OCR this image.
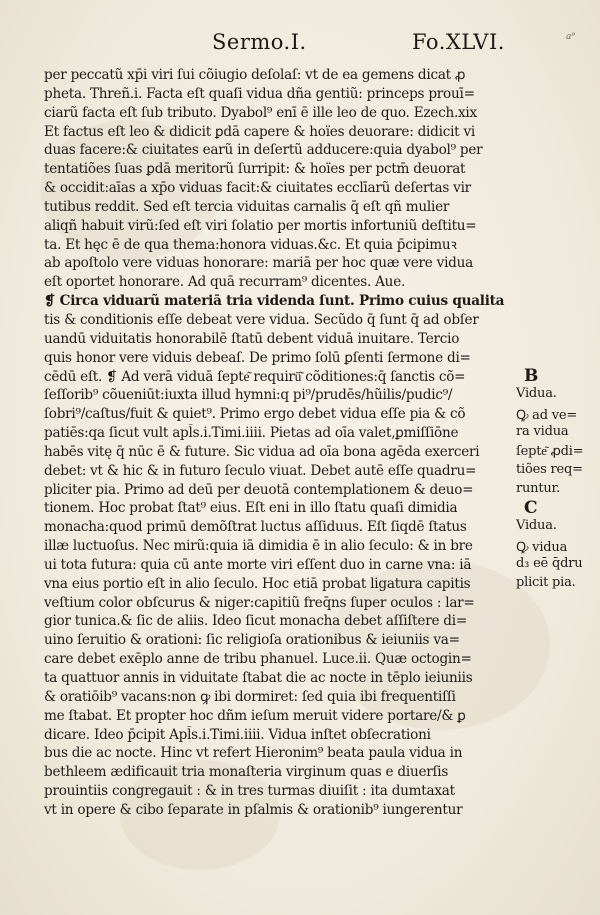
Sermo.I.	Fo.XLVI.	a⁹
per peccatũ xp̄i viri ſui cõiugio deſolaſ: vt de ea gemens dicat ꝓ
pheta. Threñ.i. Facta eſt quaſi vidua dña gentiũ: princeps prouī=
ciarũ facta eſt ſub tributo. Dyabol⁹ enī ē ille leo de quo. Ezech.xix
Et factus eſt leo & didicit ꝑdā capere & hoïes deuorare: didicit vi
duas facere:& ciuitates earũ in deſertũ adducere:quia dyabol⁹ per
tentatiões ſuas ꝑdā meritorũ ſurripit: & hoïes per pctm̄ deuorat
& occidit:aīas a xp̄o viduas facit:& ciuitates ecclīarũ deſertas vir
tutibus reddit. Sed eſt tercia viduitas carnalis q̄ eſt qñ mulier
aliqñ habuit virũ:ſed eſt viri ſolatio per mortis infortuniũ deſtitu=
ta. Et hęc ē de qua thema:honora viduas.&c. Et quia p̄cipimuꝛ
ab apoſtolo vere viduas honorare: mariā per hoc quæ vere vidua
eſt oportet honorare. Ad quā recurram⁹ dicentes. Aue.
❡ Circa viduarũ materiā tria videnda ſunt. Primo cuius qualita
tis & conditionis eſſe debeat vere vidua. Secũdo q̄ ſunt q̄ ad obſer
uandū viduitatis honorabilē ſtatū debent viduā inuitare. Tercio
quis honor vere viduis debeaſ. De primo ſolū ꝑſenti ſermone di=
cēdū eſt. ❡ Ad verā viduā ſepte͂ requirū͂ cõditiones:q̄ ſanctis cõ=
ſeſſorib⁹ cõueniūt:iuxta illud hymni:q pi⁹/prudēs/hũilis/pudic⁹/
ſobri⁹/caſtus/fuit & quiet⁹. Primo ergo debet vidua eſſe pia & cõ
patiēs:qa ſicut vult apl̄s.i.Timi.iiii. Pietas ad oīa valet,ꝑmiſſiōne
habēs vitę q̄ nūc ē & future. Sic vidua ad oīa bona agēda exerceri
debet: vt & hic & in futuro ſeculo viuat. Debet autē eſſe quadru=
pliciter pia. Primo ad deū per deuotā contemplationem & deuo=
tionem. Hoc probat ſtat⁹ eius. Eſt eni in illo ſtatu quaſi dimidia
monacha:quod primū demõſtrat luctus aſſiduus. Eſt ſiqdē ſtatus
illæ luctuoſus. Nec mirũ:quia iā dimidia ē in alio ſeculo: & in bre
ui tota futura: quia cū ante morte viri eſſent duo in carne vna: iā
vna eius portio eſt in alio ſeculo. Hoc etiā probat ligatura capitis
veſtium color obſcurus & niger:capitiũ freq̄ns ſuper oculos : lar=
gior tunica.& ſic de aliis. Ideo ſicut monacha debet aſſiſtere di=
uino ſeruitio & orationi: ſic religioſa orationibus & ieiuniis va=
care debet exēplo anne de tribu phanuel. Luce.ii. Quæ octogin=
ta quattuor annis in viduitate ſtabat die ac nocte in tēplo ieiuniis
& oratiōib⁹ vacans:non ꝙ ibi dormiret: ſed quia ibi frequentiſſi
me ſtabat. Et propter hoc dñm ieſum meruit videre portare/& ꝑ
dicare. Ideo p̄cipit Apl̄s.i.Timi.iiii. Vidua inſtet obſecrationi
bus die ac nocte. Hinc vt refert Hieronim⁹ beata paula vidua in
bethleem ædificauit tria monaſteria virginum quas e diuerſis
prouintiis congregauit : & in tres turmas diuiſit : ita dumtaxat
vt in opere & cibo ſeparate in pſalmis & orationib⁹ iungerentur
B
Vidua.
Ꝙ ad ve=
ra vidua
ſepte͂ ꝓdi=
tiões req=
runtur.
C
Vidua.
Ꝙ vidua
d₃ eē q̄dru
plicit pia.
